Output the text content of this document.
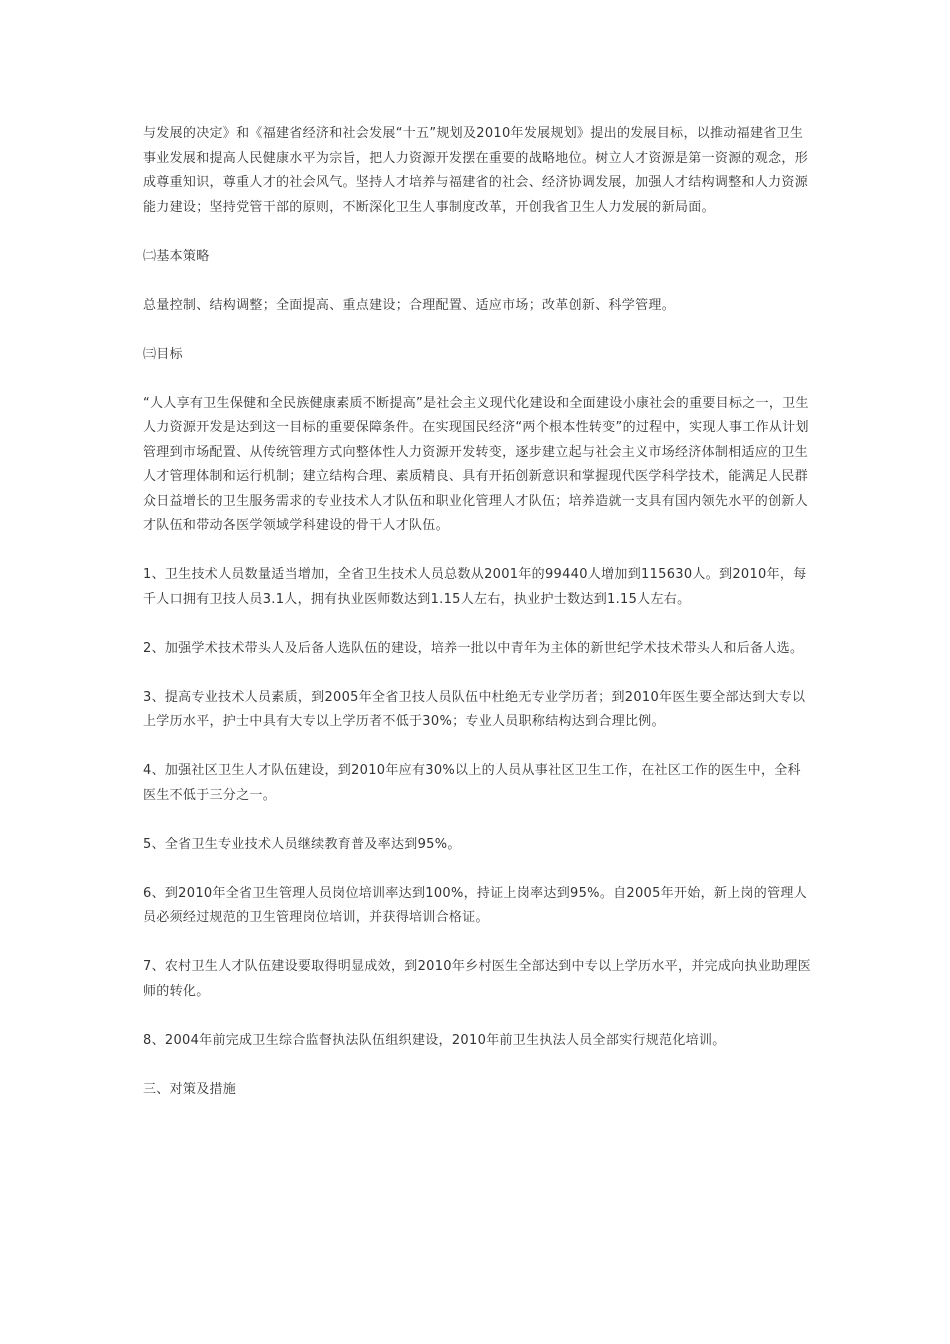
与发展的决定》和《福建省经济和社会发展“十五”规划及2010年发展规划》提出的发展目标，以推动福建省卫生事业发展和提高人民健康水平为宗旨，把人力资源开发摆在重要的战略地位。树立人才资源是第一资源的观念，形成尊重知识，尊重人才的社会风气。坚持人才培养与福建省的社会、经济协调发展，加强人才结构调整和人力资源能力建设；坚持党管干部的原则，不断深化卫生人事制度改革，开创我省卫生人力发展的新局面。

㈡基本策略

总量控制、结构调整；全面提高、重点建设；合理配置、适应市场；改革创新、科学管理。

㈢目标

“人人享有卫生保健和全民族健康素质不断提高”是社会主义现代化建设和全面建设小康社会的重要目标之一，卫生人力资源开发是达到这一目标的重要保障条件。在实现国民经济“两个根本性转变”的过程中，实现人事工作从计划管理到市场配置、从传统管理方式向整体性人力资源开发转变，逐步建立起与社会主义市场经济体制相适应的卫生人才管理体制和运行机制；建立结构合理、素质精良、具有开拓创新意识和掌握现代医学科学技术，能满足人民群众日益增长的卫生服务需求的专业技术人才队伍和职业化管理人才队伍；培养造就一支具有国内领先水平的创新人才队伍和带动各医学领域学科建设的骨干人才队伍。

1、卫生技术人员数量适当增加，全省卫生技术人员总数从2001年的99440人增加到115630人。到2010年，每千人口拥有卫技人员3.1人，拥有执业医师数达到1.15人左右，执业护士数达到1.15人左右。

2、加强学术技术带头人及后备人选队伍的建设，培养一批以中青年为主体的新世纪学术技术带头人和后备人选。

3、提高专业技术人员素质，到2005年全省卫技人员队伍中杜绝无专业学历者；到2010年医生要全部达到大专以上学历水平，护士中具有大专以上学历者不低于30%；专业人员职称结构达到合理比例。

4、加强社区卫生人才队伍建设，到2010年应有30%以上的人员从事社区卫生工作，在社区工作的医生中，全科医生不低于三分之一。

5、全省卫生专业技术人员继续教育普及率达到95%。

6、到2010年全省卫生管理人员岗位培训率达到100%，持证上岗率达到95%。自2005年开始，新上岗的管理人员必须经过规范的卫生管理岗位培训，并获得培训合格证。

7、农村卫生人才队伍建设要取得明显成效，到2010年乡村医生全部达到中专以上学历水平，并完成向执业助理医师的转化。

8、2004年前完成卫生综合监督执法队伍组织建设，2010年前卫生执法人员全部实行规范化培训。

三、对策及措施
